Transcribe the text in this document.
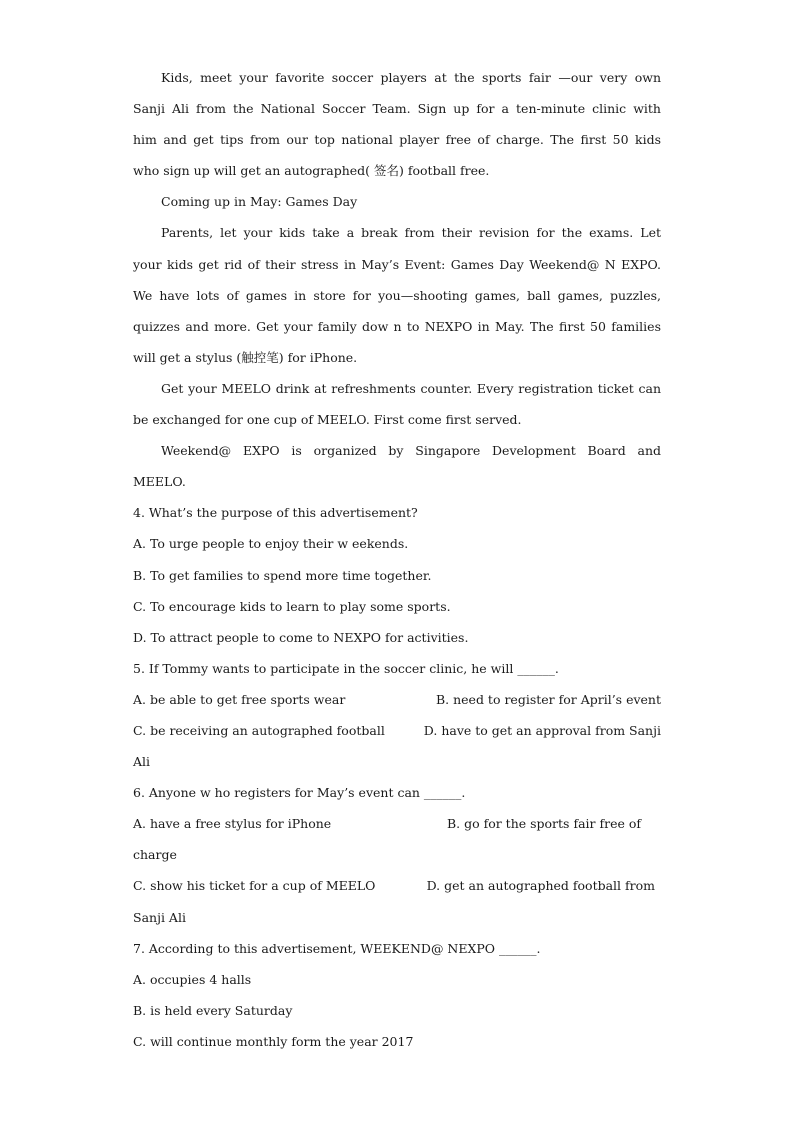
Kids, meet your favorite soccer players at the sports fair —our very own
Sanji Ali from the National Soccer Team. Sign up for a ten-minute clinic with
him and get tips from our top national player free of charge. The first 50 kids
who sign up will get an autographed( 签名) football free.
Coming up in May: Games Day
Parents, let your kids take a break from their revision for the exams. Let
your kids get rid of their stress in May’s Event: Games Day Weekend@ N EXPO.
We have lots of games in store for you—shooting games, ball games, puzzles,
quizzes and more. Get your family dow n to NEXPO in May. The first 50 families
will get a stylus (触控笔) for iPhone.
Get your MEELO drink at refreshments counter. Every registration ticket can
be exchanged for one cup of MEELO. First come first served.
Weekend@ EXPO is organized by Singapore Development Board and
MEELO.
4. What’s the purpose of this advertisement?
A. To urge people to enjoy their w eekends.
B. To get families to spend more time together.
C. To encourage kids to learn to play some sports.
D. To attract people to come to NEXPO for activities.
5. If Tommy wants to participate in the soccer clinic, he will ______.
A. be able to get free sports wear	B. need to register for April’s event
C. be receiving an autographed football	D. have to get an approval from Sanji
Ali
6. Anyone w ho registers for May’s event can ______.
A. have a free stylus for iPhone	B. go for the sports fair free of
charge
C. show his ticket for a cup of MEELO	D. get an autographed football from
Sanji Ali
7. According to this advertisement, WEEKEND@ NEXPO ______.
A. occupies 4 halls
B. is held every Saturday
C. will continue monthly form the year 2017
